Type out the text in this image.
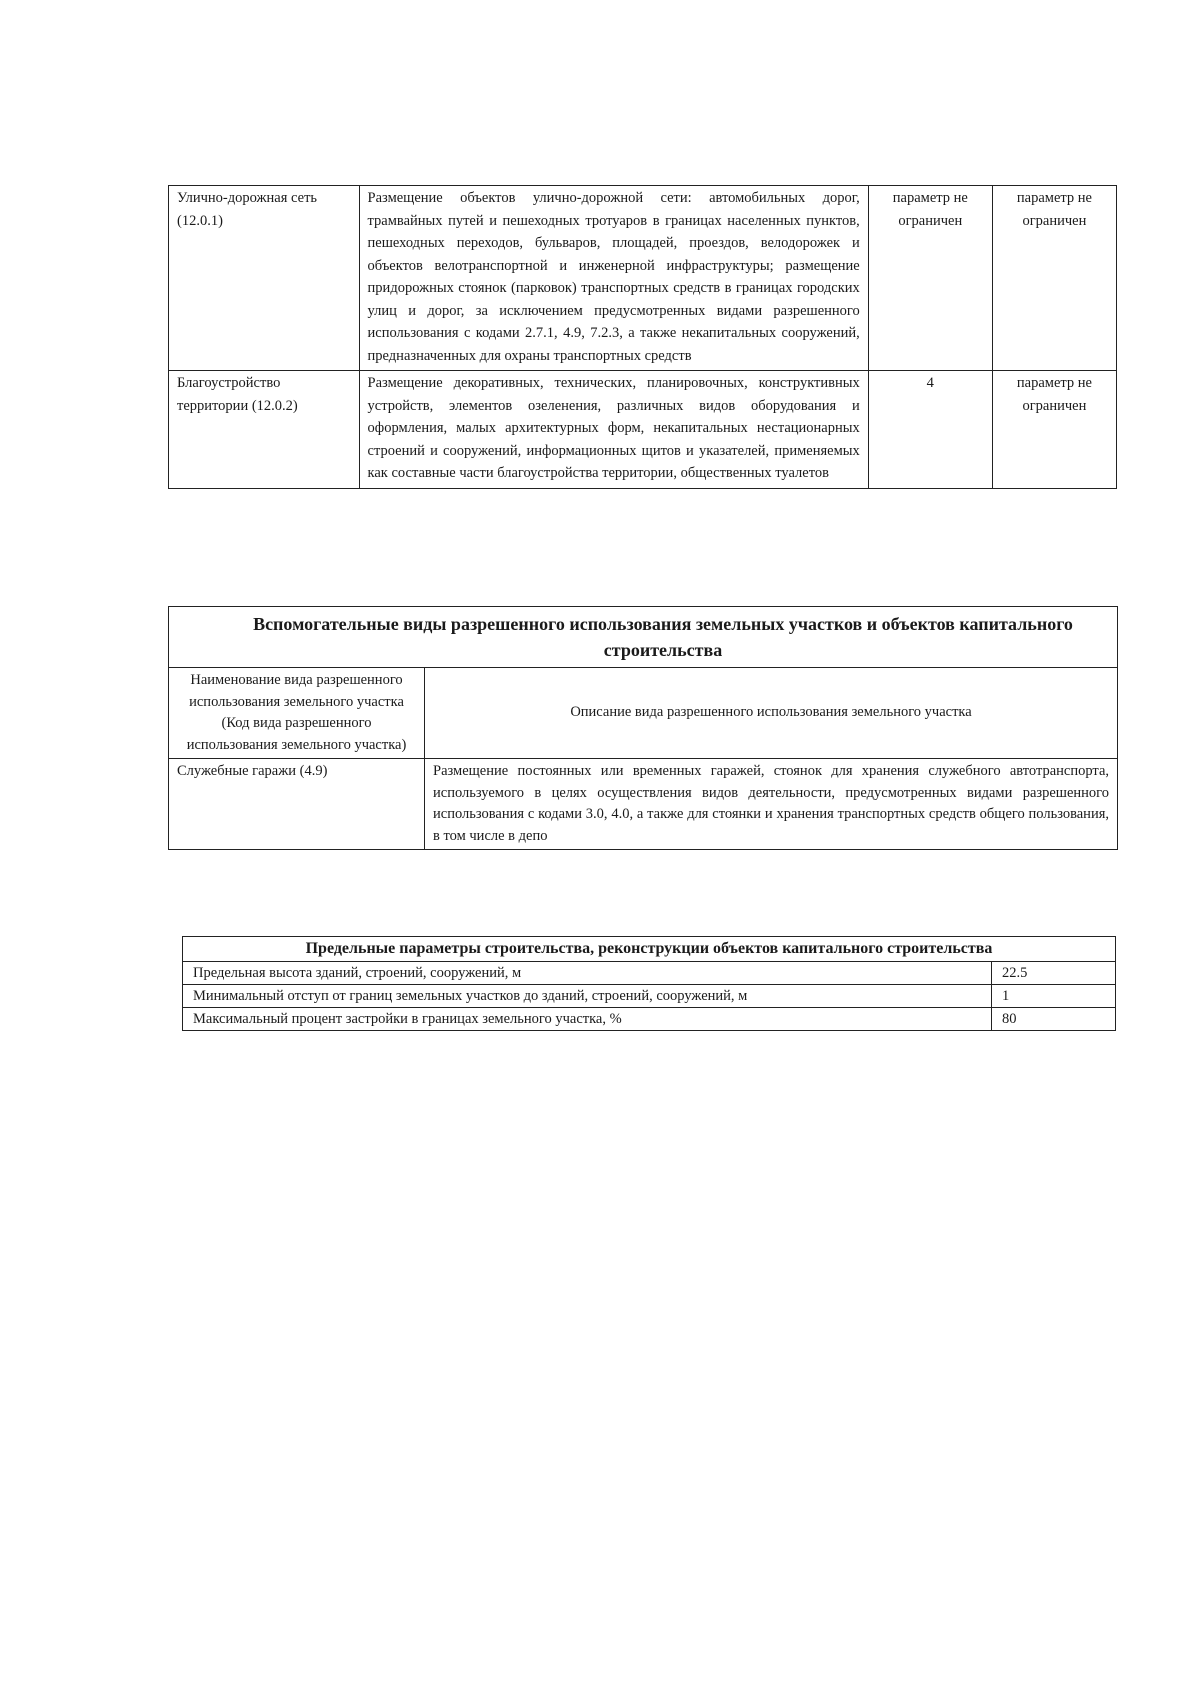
Улично-дорожная сеть (12.0.1)	Размещение объектов улично-дорожной сети: автомобильных дорог, трамвайных путей и пешеходных тротуаров в границах населенных пунктов, пешеходных переходов, бульваров, площадей, проездов, велодорожек и объектов велотранспортной и инженерной инфраструктуры; размещение придорожных стоянок (парковок) транспортных средств в границах городских улиц и дорог, за исключением предусмотренных видами разрешенного использования с кодами 2.7.1, 4.9, 7.2.3, а также некапитальных сооружений, предназначенных для охраны транспортных средств	параметр не ограничен	параметр не ограничен
Благоустройство территории (12.0.2)	Размещение декоративных, технических, планировочных, конструктивных устройств, элементов озеленения, различных видов оборудования и оформления, малых архитектурных форм, некапитальных нестационарных строений и сооружений, информационных щитов и указателей, применяемых как составные части благоустройства территории, общественных туалетов	4	параметр не ограничен
Вспомогательные виды разрешенного использования земельных участков и объектов капитального строительства	
Наименование вида разрешенного использования земельного участка (Код вида разрешенного использования земельного участка)	Описание вида разрешенного использования земельного участка
Служебные гаражи (4.9)	Размещение постоянных или временных гаражей, стоянок для хранения служебного автотранспорта, используемого в целях осуществления видов деятельности, предусмотренных видами разрешенного использования с кодами 3.0, 4.0, а также для стоянки и хранения транспортных средств общего пользования, в том числе в депо
Предельные параметры строительства, реконструкции объектов капитального строительства	
Предельная высота зданий, строений, сооружений, м	22.5
Минимальный отступ от границ земельных участков до зданий, строений, сооружений, м	1
Максимальный процент застройки в границах земельного участка, %	80
